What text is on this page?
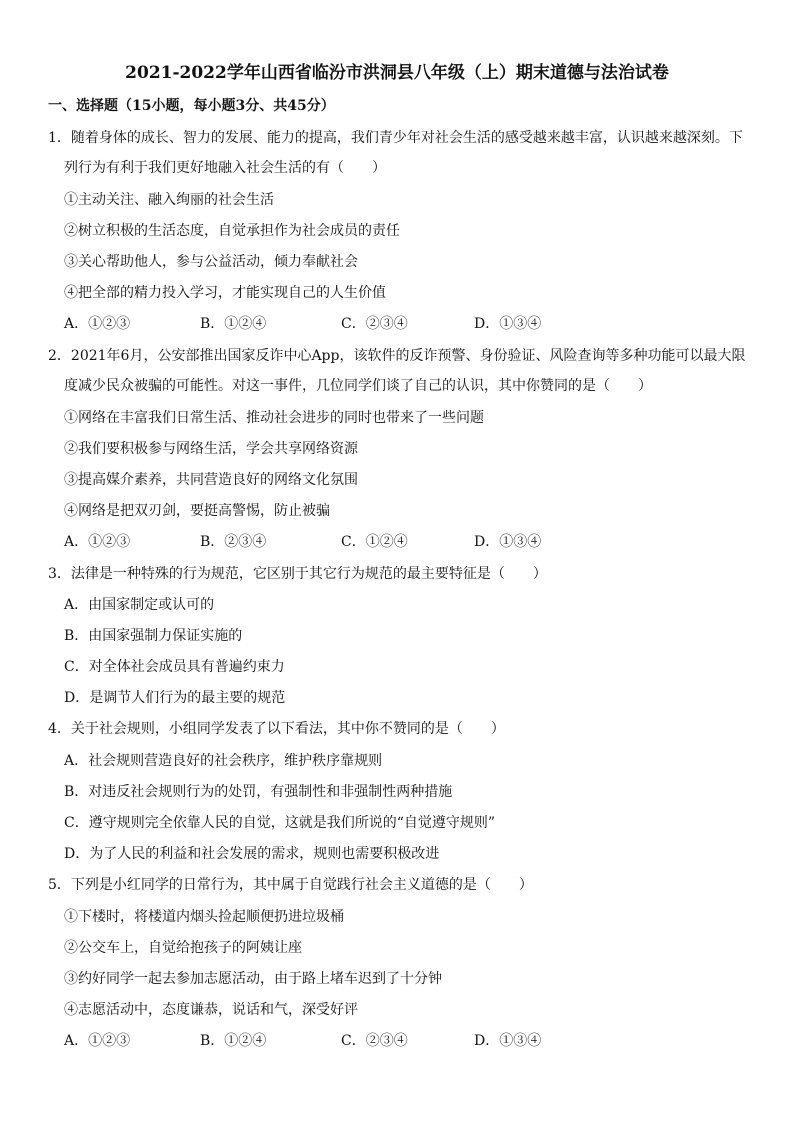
2021-2022学年山西省临汾市洪洞县八年级（上）期末道德与法治试卷
一、选择题（15小题，每小题3分、共45分）
1．随着身体的成长、智力的发展、能力的提高，我们青少年对社会生活的感受越来越丰富，认识越来越深刻。下
列行为有利于我们更好地融入社会生活的有（　　）
①主动关注、融入绚丽的社会生活
②树立积极的生活态度，自觉承担作为社会成员的责任
③关心帮助他人，参与公益活动，倾力奉献社会
④把全部的精力投入学习，才能实现自己的人生价值
A．①②③	B．①②④	C．②③④	D．①③④
2．2021年6月，公安部推出国家反诈中心App，该软件的反诈预警、身份验证、风险查询等多种功能可以最大限
度减少民众被骗的可能性。对这一事件，几位同学们谈了自己的认识，其中你赞同的是（　　）
①网络在丰富我们日常生活、推动社会进步的同时也带来了一些问题
②我们要积极参与网络生活，学会共享网络资源
③提高媒介素养，共同营造良好的网络文化氛围
④网络是把双刃剑，要挺高警惕，防止被骗
A．①②③	B．②③④	C．①②④	D．①③④
3．法律是一种特殊的行为规范，它区别于其它行为规范的最主要特征是（　　）
A．由国家制定或认可的
B．由国家强制力保证实施的
C．对全体社会成员具有普遍约束力
D．是调节人们行为的最主要的规范
4．关于社会规则，小组同学发表了以下看法，其中你不赞同的是（　　）
A．社会规则营造良好的社会秩序，维护秩序靠规则
B．对违反社会规则行为的处罚，有强制性和非强制性两种措施
C．遵守规则完全依靠人民的自觉，这就是我们所说的“自觉遵守规则”
D．为了人民的利益和社会发展的需求，规则也需要积极改进
5．下列是小红同学的日常行为，其中属于自觉践行社会主义道德的是（　　）
①下楼时，将楼道内烟头捡起顺便扔进垃圾桶
②公交车上，自觉给抱孩子的阿姨让座
③约好同学一起去参加志愿活动，由于路上堵车迟到了十分钟
④志愿活动中，态度谦恭，说话和气，深受好评
A．①②③	B．①②④	C．②③④	D．①③④
